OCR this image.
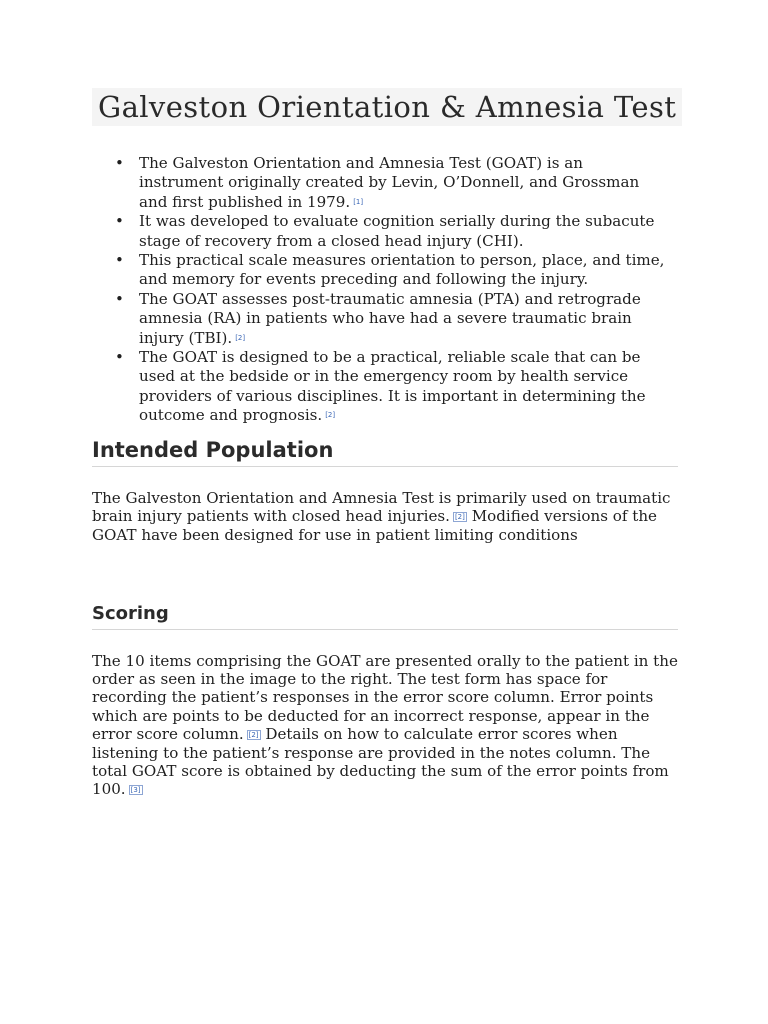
Galveston Orientation & Amnesia Test
• The Galveston Orientation and Amnesia Test (GOAT) is an instrument originally created by Levin, O’Donnell, and Grossman and first published in 1979. [1]
• It was developed to evaluate cognition serially during the subacute stage of recovery from a closed head injury (CHI).
• This practical scale measures orientation to person, place, and time, and memory for events preceding and following the injury.
• The GOAT assesses post-traumatic amnesia (PTA) and retrograde amnesia (RA) in patients who have had a severe traumatic brain injury (TBI). [2]
• The GOAT is designed to be a practical, reliable scale that can be used at the bedside or in the emergency room by health service providers of various disciplines. It is important in determining the outcome and prognosis. [2]
Intended Population

The Galveston Orientation and Amnesia Test is primarily used on traumatic brain injury patients with closed head injuries. [2] Modified versions of the GOAT have been designed for use in patient limiting conditions

Scoring

The 10 items comprising the GOAT are presented orally to the patient in the order as seen in the image to the right. The test form has space for recording the patient’s responses in the error score column. Error points which are points to be deducted for an incorrect response, appear in the error score column. [2] Details on how to calculate error scores when listening to the patient’s response are provided in the notes column. The total GOAT score is obtained by deducting the sum of the error points from 100. [3]
